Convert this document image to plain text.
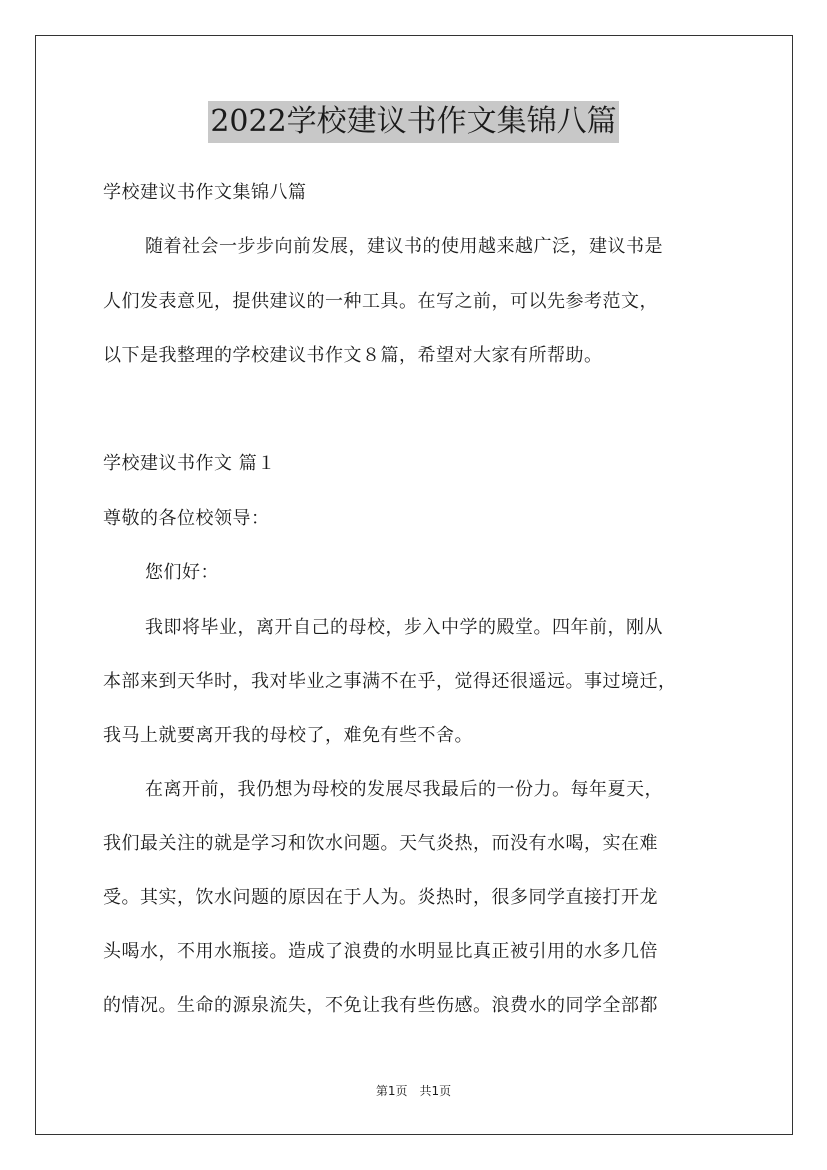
2022学校建议书作文集锦八篇

学校建议书作文集锦八篇

随着社会一步步向前发展，建议书的使用越来越广泛，建议书是

人们发表意见，提供建议的一种工具。在写之前，可以先参考范文，

以下是我整理的学校建议书作文８篇，希望对大家有所帮助。

学校建议书作文 篇１

尊敬的各位校领导：

您们好：

我即将毕业，离开自己的母校，步入中学的殿堂。四年前，刚从

本部来到天华时，我对毕业之事满不在乎，觉得还很遥远。事过境迁，

我马上就要离开我的母校了，难免有些不舍。

在离开前，我仍想为母校的发展尽我最后的一份力。每年夏天，

我们最关注的就是学习和饮水问题。天气炎热，而没有水喝，实在难

受。其实，饮水问题的原因在于人为。炎热时，很多同学直接打开龙

头喝水，不用水瓶接。造成了浪费的水明显比真正被引用的水多几倍

的情况。生命的源泉流失，不免让我有些伤感。浪费水的同学全部都

第1页　共1页
